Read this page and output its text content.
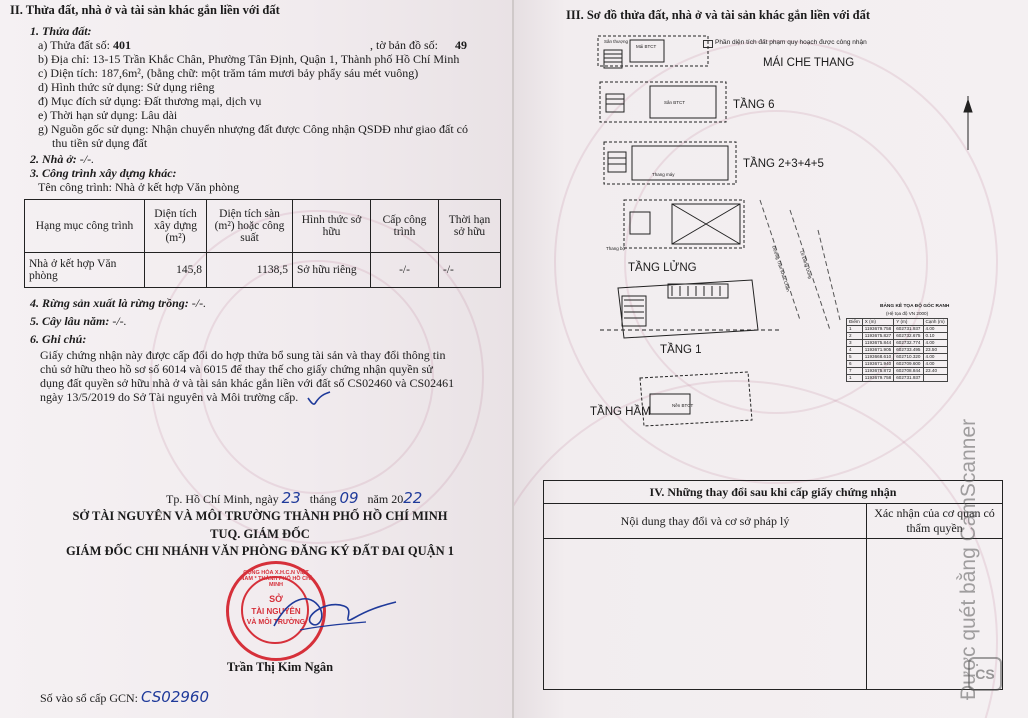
II. Thửa đất, nhà ở và tài sản khác gắn liền với đất
1. Thửa đất:
a) Thửa đất số: 401	, tờ bản đồ số: 49
b) Địa chỉ: 13-15 Trần Khắc Chân, Phường Tân Định, Quận 1, Thành phố Hồ Chí Minh
c) Diện tích: 187,6m², (bằng chữ: một trăm tám mươi bảy phẩy sáu mét vuông)
d) Hình thức sử dụng: Sử dụng riêng
đ) Mục đích sử dụng: Đất thương mại, dịch vụ
e) Thời hạn sử dụng: Lâu dài
g) Nguồn gốc sử dụng: Nhận chuyển nhượng đất được Công nhận QSDĐ như giao đất có
thu tiền sử dụng đất
2. Nhà ở: -/-.
3. Công trình xây dựng khác:
Tên công trình: Nhà ở kết hợp Văn phòng
Hạng mục công trình	Diện tích xây dựng (m²)	Diện tích sàn (m²) hoặc công suất	Hình thức sở hữu	Cấp công trình	Thời hạn sở hữu
Nhà ở kết hợp Văn phòng	145,8	1138,5	Sở hữu riêng	-/-	-/-
4. Rừng sản xuất là rừng trồng: -/-.
5. Cây lâu năm: -/-.
6. Ghi chú:
Giấy chứng nhận này được cấp đổi do hợp thửa bổ sung tài sản và thay đổi thông tin
chủ sở hữu theo hồ sơ số 6014 và 6015 để thay thế cho giấy chứng nhận quyền sử
dụng đất quyền sở hữu nhà ở và tài sản khác gắn liền với đất số CS02460 và CS02461
ngày 13/5/2019 do Sở Tài nguyên và Môi trường cấp.
Tp. Hồ Chí Minh, ngày 23 tháng 09 năm 2022
SỞ TÀI NGUYÊN VÀ MÔI TRƯỜNG THÀNH PHỐ HỒ CHÍ MINH
TUQ. GIÁM ĐỐC
GIÁM ĐỐC CHI NHÁNH VĂN PHÒNG ĐĂNG KÝ ĐẤT ĐAI QUẬN 1
CỘNG HÒA X.H.C.N VIỆT NAM * THÀNH PHỐ HỒ CHÍ MINH
SỞ
TÀI NGUYÊN
VÀ MÔI TRƯỜNG
Trần Thị Kim Ngân
Số vào sổ cấp GCN: CS02960
III. Sơ đồ thửa đất, nhà ở và tài sản khác gắn liền với đất
Phần diện tích đất phạm quy hoạch được công nhận
MÁI CHE THANG
TẦNG 6
TẦNG 2+3+4+5
TẦNG LỬNG
TẦNG 1
TẦNG HẦM
Sân thượng
Mái BTCT
Sân BTCT
Thang máy
Thang bộ
Nền BTCT
Đường Trần Khắc Chân Lê Đăng Dung
BẢNG KÊ TỌA ĐỘ GÓC RANH
(Hệ tọa độ VN 2000)
Điểm	X (m)	Y (m)	Cạnh (m)
1	1193679.758	602731.937	4.00
2	1193675.827	602732.675	0.10
3	1193675.844	602732.774	4.00
4	1193671.905	602733.495	23.50
5	1193668.610	602710.320	4.00
6	1193671.940	602709.600	4.00
7	1193675.872	602708.844	23.40
1	1193679.758	602731.937	
IV. Những thay đổi sau khi cấp giấy chứng nhận	
Nội dung thay đổi và cơ sở pháp lý	Xác nhận của cơ quan có thẩm quyền

CS
Được quét bằng CamScanner
